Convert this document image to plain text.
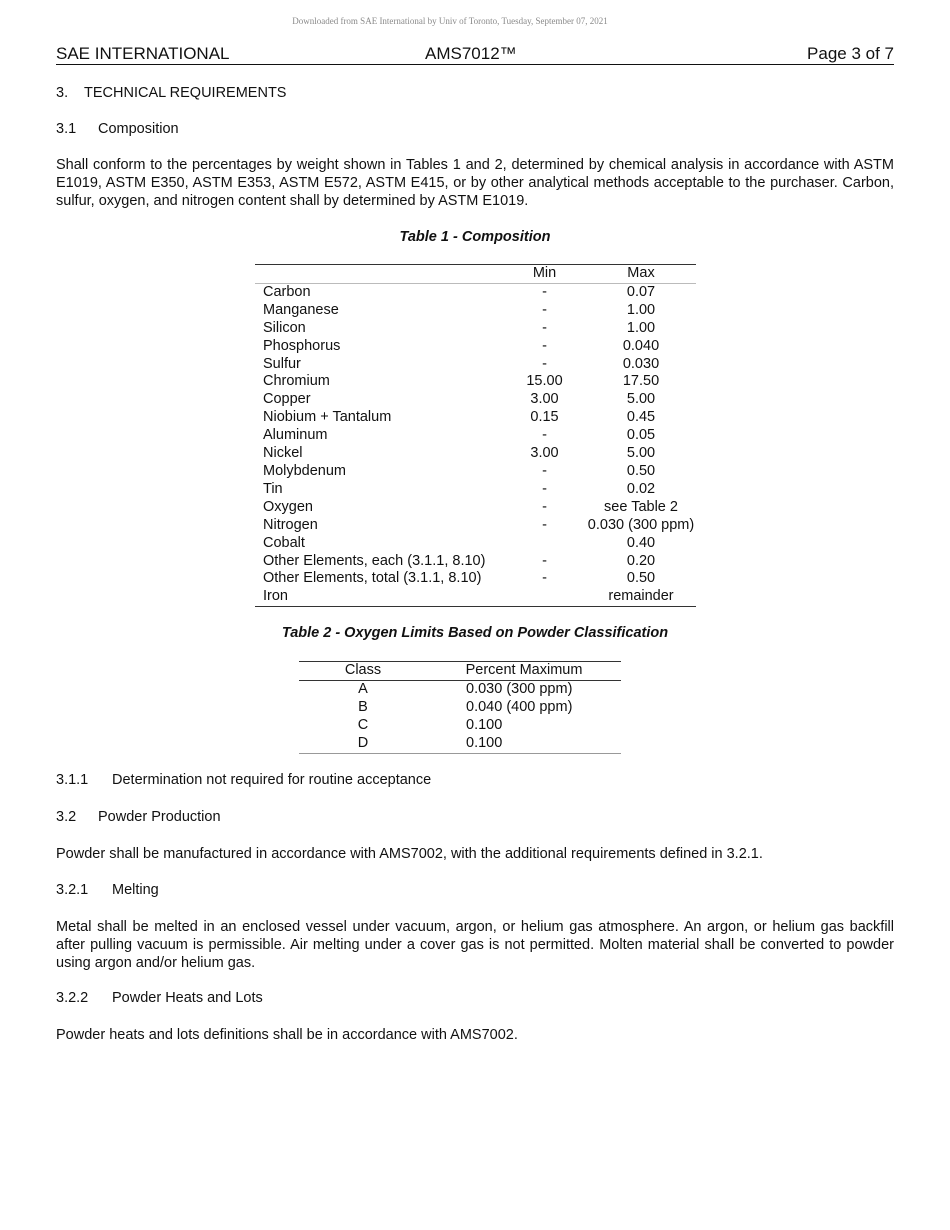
Downloaded from SAE International by Univ of Toronto, Tuesday, September 07, 2021
SAE INTERNATIONAL	AMS7012™	Page 3 of 7
3. TECHNICAL REQUIREMENTS
3.1 Composition
Shall conform to the percentages by weight shown in Tables 1 and 2, determined by chemical analysis in accordance with ASTM E1019, ASTM E350, ASTM E353, ASTM E572, ASTM E415, or by other analytical methods acceptable to the purchaser. Carbon, sulfur, oxygen, and nitrogen content shall by determined by ASTM E1019.
Table 1 - Composition
	Min	Max
Carbon	-	0.07
Manganese	-	1.00
Silicon	-	1.00
Phosphorus	-	0.040
Sulfur	-	0.030
Chromium	15.00	17.50
Copper	3.00	5.00
Niobium + Tantalum	0.15	0.45
Aluminum	-	0.05
Nickel	3.00	5.00
Molybdenum	-	0.50
Tin	-	0.02
Oxygen	-	see Table 2
Nitrogen	-	0.030 (300 ppm)
Cobalt		0.40
Other Elements, each (3.1.1, 8.10)	-	0.20
Other Elements, total (3.1.1, 8.10)	-	0.50
Iron		remainder
Table 2 - Oxygen Limits Based on Powder Classification
Class	Percent Maximum
A	0.030 (300 ppm)
B	0.040 (400 ppm)
C	0.100
D	0.100
3.1.1 Determination not required for routine acceptance
3.2 Powder Production
Powder shall be manufactured in accordance with AMS7002, with the additional requirements defined in 3.2.1.
3.2.1 Melting
Metal shall be melted in an enclosed vessel under vacuum, argon, or helium gas atmosphere. An argon, or helium gas backfill after pulling vacuum is permissible. Air melting under a cover gas is not permitted. Molten material shall be converted to powder using argon and/or helium gas.
3.2.2 Powder Heats and Lots
Powder heats and lots definitions shall be in accordance with AMS7002.
